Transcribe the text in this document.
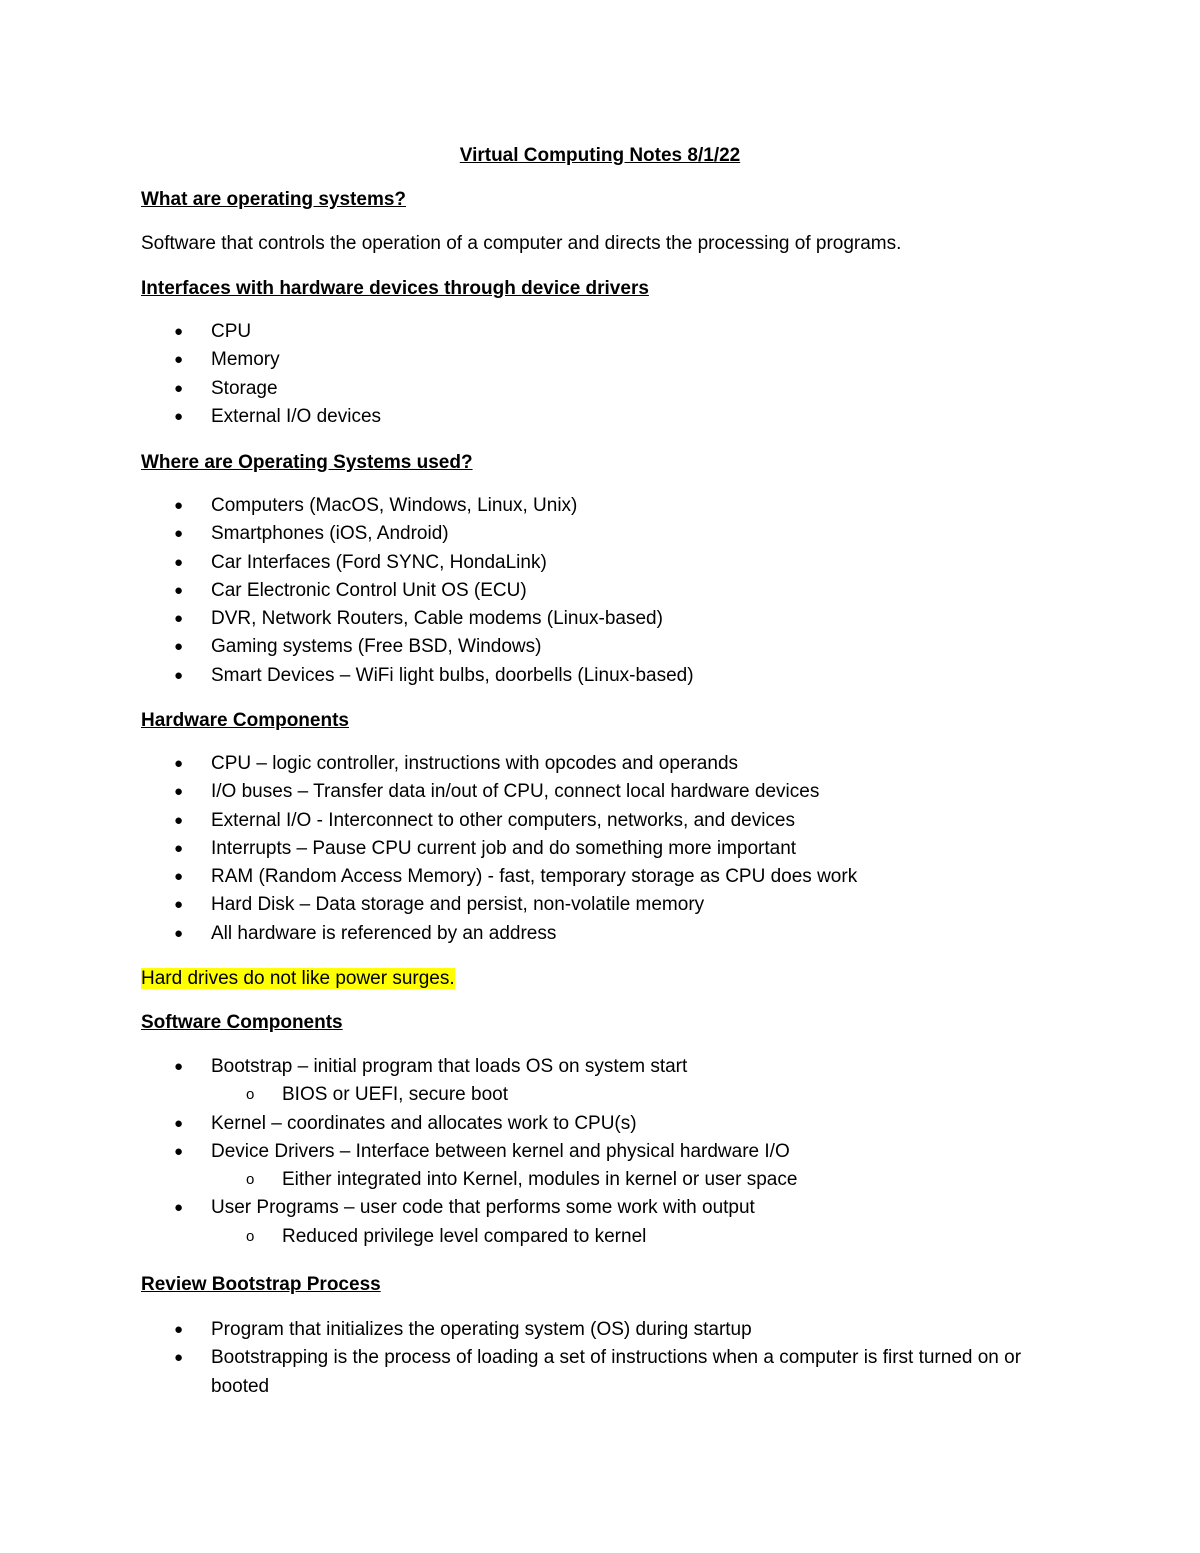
Virtual Computing Notes 8/1/22
What are operating systems?
Software that controls the operation of a computer and directs the processing of programs.
Interfaces with hardware devices through device drivers
● CPU
● Memory
● Storage
● External I/O devices
Where are Operating Systems used?
● Computers (MacOS, Windows, Linux, Unix)
● Smartphones (iOS, Android)
● Car Interfaces (Ford SYNC, HondaLink)
● Car Electronic Control Unit OS (ECU)
● DVR, Network Routers, Cable modems (Linux-based)
● Gaming systems (Free BSD, Windows)
● Smart Devices – WiFi light bulbs, doorbells (Linux-based)
Hardware Components
● CPU – logic controller, instructions with opcodes and operands
● I/O buses – Transfer data in/out of CPU, connect local hardware devices
● External I/O - Interconnect to other computers, networks, and devices
● Interrupts – Pause CPU current job and do something more important
● RAM (Random Access Memory) - fast, temporary storage as CPU does work
● Hard Disk – Data storage and persist, non-volatile memory
● All hardware is referenced by an address
Hard drives do not like power surges.
Software Components
● Bootstrap – initial program that loads OS on system start
o BIOS or UEFI, secure boot
● Kernel – coordinates and allocates work to CPU(s)
● Device Drivers – Interface between kernel and physical hardware I/O
o Either integrated into Kernel, modules in kernel or user space
● User Programs – user code that performs some work with output
o Reduced privilege level compared to kernel
Review Bootstrap Process
● Program that initializes the operating system (OS) during startup
● Bootstrapping is the process of loading a set of instructions when a computer is first turned on or booted
